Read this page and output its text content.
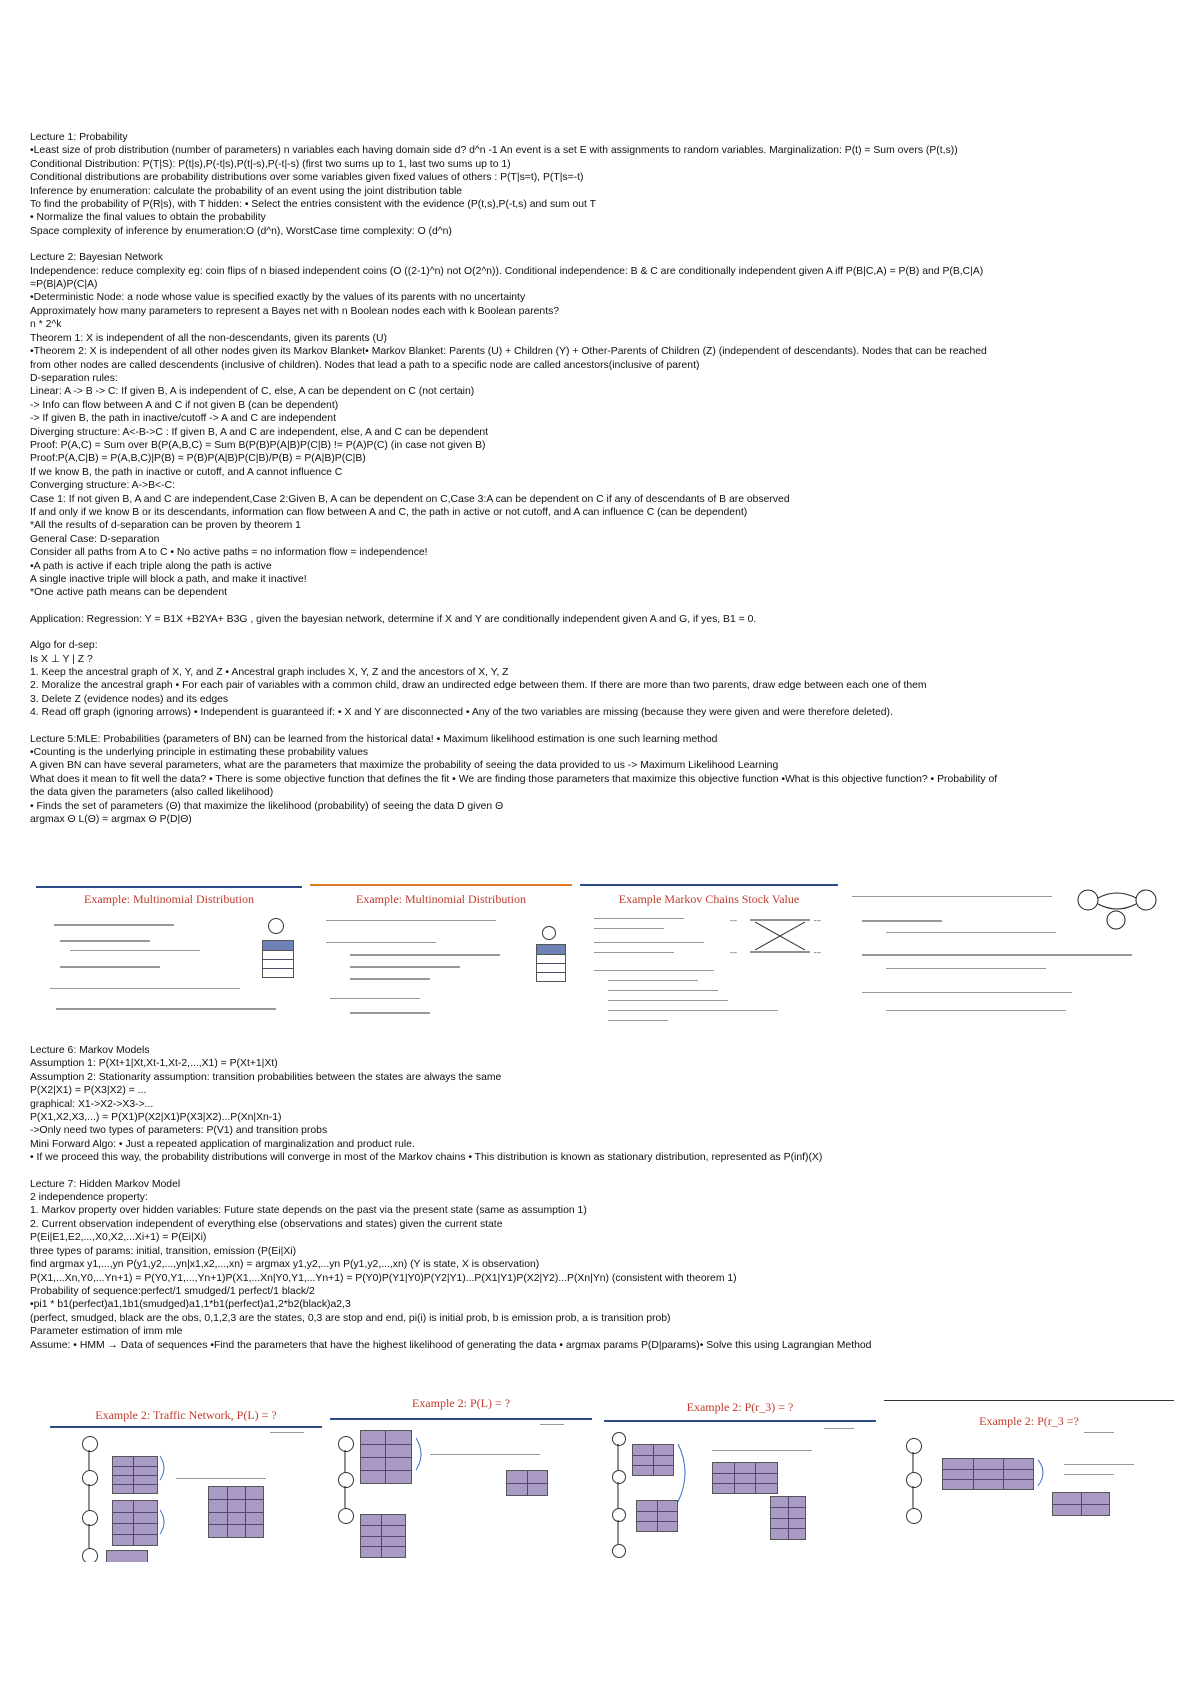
Lecture 1: Probability
•Least size of prob distribution (number of parameters) n variables each having domain side d? d^n -1 An event is a set E with assignments to random variables. Marginalization: P(t) = Sum overs (P(t,s))
Conditional Distribution: P(T|S): P(t|s),P(-t|s),P(t|-s),P(-t|-s) (first two sums up to 1, last two sums up to 1)
Conditional distributions are probability distributions over some variables given fixed values of others : P(T|s=t), P(T|s=-t)
Inference by enumeration: calculate the probability of an event using the joint distribution table
To find the probability of P(R|s), with T hidden: • Select the entries consistent with the evidence (P(t,s),P(-t,s) and sum out T
• Normalize the final values to obtain the probability
Space complexity of inference by enumeration:O (d^n), WorstCase time complexity: O (d^n)
Lecture 2: Bayesian Network
Independence: reduce complexity eg: coin flips of n biased independent coins (O ((2-1)^n) not O(2^n)). Conditional independence: B & C are conditionally independent given A iff P(B|C,A) = P(B) and P(B,C|A)
=P(B|A)P(C|A)
•Deterministic Node: a node whose value is specified exactly by the values of its parents with no uncertainty
Approximately how many parameters to represent a Bayes net with n Boolean nodes each with k Boolean parents?
n * 2^k
Theorem 1: X is independent of all the non-descendants, given its parents (U)
•Theorem 2: X is independent of all other nodes given its Markov Blanket• Markov Blanket: Parents (U) + Children (Y) + Other-Parents of Children (Z) (independent of descendants). Nodes that can be reached
from other nodes are called descendents (inclusive of children). Nodes that lead a path to a specific node are called ancestors(inclusive of parent)
D-separation rules:
Linear: A -> B -> C: If given B, A is independent of C, else, A can be dependent on C (not certain)
-> Info can flow between A and C if not given B (can be dependent)
-> If given B, the path in inactive/cutoff -> A and C are independent
Diverging structure: A<-B->C : If given B, A and C are independent, else, A and C can be dependent
Proof: P(A,C) = Sum over B(P(A,B,C) = Sum B(P(B)P(A|B)P(C|B) != P(A)P(C) (in case not given B)
Proof:P(A,C|B) = P(A,B,C)|P(B) = P(B)P(A|B)P(C|B)/P(B) = P(A|B)P(C|B)
If we know B, the path in inactive or cutoff, and A cannot influence C
Converging structure: A->B<-C:
Case 1: If not given B, A and C are independent,Case 2:Given B, A can be dependent on C,Case 3:A can be dependent on C if any of descendants of B are observed
If and only if we know B or its descendants, information can flow between A and C, the path in active or not cutoff, and A can influence C (can be dependent)
*All the results of d-separation can be proven by theorem 1
General Case: D-separation
Consider all paths from A to C • No active paths = no information flow = independence!
•A path is active if each triple along the path is active
A single inactive triple will block a path, and make it inactive!
*One active path means can be dependent
Application: Regression: Y = B1X +B2YA+ B3G , given the bayesian network, determine if X and Y are conditionally independent given A and G, if yes, B1 = 0.
Algo for d-sep:
Is X ⊥ Y | Z ?
1. Keep the ancestral graph of X, Y, and Z • Ancestral graph includes X, Y, Z and the ancestors of X, Y, Z
2. Moralize the ancestral graph • For each pair of variables with a common child, draw an undirected edge between them. If there are more than two parents, draw edge between each one of them
3. Delete Z (evidence nodes) and its edges
4. Read off graph (ignoring arrows) • Independent is guaranteed if: • X and Y are disconnected • Any of the two variables are missing (because they were given and were therefore deleted).
Lecture 5:MLE: Probabilities (parameters of BN) can be learned from the historical data! • Maximum likelihood estimation is one such learning method
•Counting is the underlying principle in estimating these probability values
A given BN can have several parameters, what are the parameters that maximize the probability of seeing the data provided to us -> Maximum Likelihood Learning
What does it mean to fit well the data? • There is some objective function that defines the fit • We are finding those parameters that maximize this objective function •What is this objective function? • Probability of
the data given the parameters (also called likelihood)
• Finds the set of parameters (Θ) that maximize the likelihood (probability) of seeing the data D given Θ
argmax Θ L(Θ) = argmax Θ P(D|Θ)
Example: Multinomial Distribution	Example: Multinomial Distribution	Example Markov Chains Stock Value
---	---
---	---
Lecture 6: Markov Models
Assumption 1: P(Xt+1|Xt,Xt-1,Xt-2,...,X1) = P(Xt+1|Xt)
Assumption 2: Stationarity assumption: transition probabilities between the states are always the same
P(X2|X1) = P(X3|X2) = ...
graphical: X1->X2->X3->...
P(X1,X2,X3,...) = P(X1)P(X2|X1)P(X3|X2)...P(Xn|Xn-1)
->Only need two types of parameters: P(V1) and transition probs
Mini Forward Algo: • Just a repeated application of marginalization and product rule.
• If we proceed this way, the probability distributions will converge in most of the Markov chains • This distribution is known as stationary distribution, represented as P(inf)(X)
Lecture 7: Hidden Markov Model
2 independence property:
1. Markov property over hidden variables: Future state depends on the past via the present state (same as assumption 1)
2. Current observation independent of everything else (observations and states) given the current state
P(Ei|E1,E2,...,X0,X2,...Xi+1) = P(Ei|Xi)
three types of params: initial, transition, emission (P(Ei|Xi)
find argmax y1,...,yn P(y1,y2,...,yn|x1,x2,...,xn) = argmax y1,y2,...yn P(y1,y2,...,xn) (Y is state, X is observation)
P(X1,...Xn,Y0,...Yn+1) = P(Y0,Y1,...,Yn+1)P(X1,...Xn|Y0,Y1,...Yn+1) = P(Y0)P(Y1|Y0)P(Y2|Y1)...P(X1|Y1)P(X2|Y2)...P(Xn|Yn) (consistent with theorem 1)
Probability of sequence:perfect/1 smudged/1 perfect/1 black/2
•pi1 * b1(perfect)a1,1b1(smudged)a1,1*b1(perfect)a1,2*b2(black)a2,3
(perfect, smudged, black are the obs, 0,1,2,3 are the states, 0,3 are stop and end, pi(i) is initial prob, b is emission prob, a is transition prob)
Parameter estimation of imm mle
Assume: • HMM → Data of sequences •Find the parameters that have the highest likelihood of generating the data • argmax params P(D|params)• Solve this using Lagrangian Method
Example 2: Traffic Network, P(L) = ?
Example 2: P(L) = ?	Example 2: P(r_3) = ?
Example 2: P(r_3 =?
